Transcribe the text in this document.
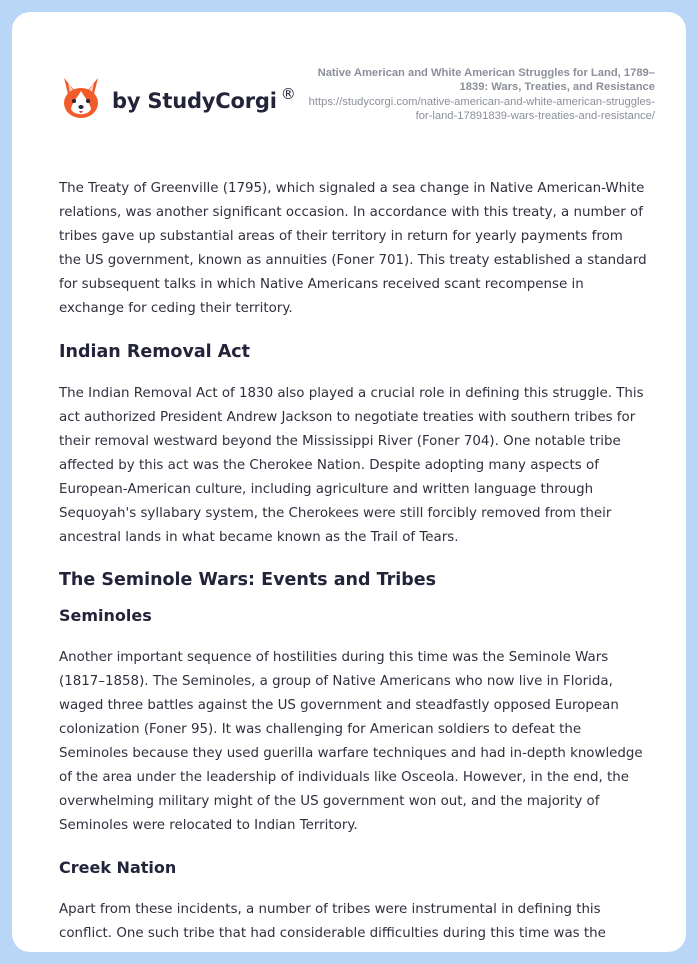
by StudyCorgi ®
Native American and White American Struggles for Land, 1789–1839: Wars, Treaties, and Resistance
https://studycorgi.com/native-american-and-white-american-struggles-for-land-17891839-wars-treaties-and-resistance/

The Treaty of Greenville (1795), which signaled a sea change in Native American-White relations, was another significant occasion. In accordance with this treaty, a number of tribes gave up substantial areas of their territory in return for yearly payments from the US government, known as annuities (Foner 701). This treaty established a standard for subsequent talks in which Native Americans received scant recompense in exchange for ceding their territory.

Indian Removal Act

The Indian Removal Act of 1830 also played a crucial role in defining this struggle. This act authorized President Andrew Jackson to negotiate treaties with southern tribes for their removal westward beyond the Mississippi River (Foner 704). One notable tribe affected by this act was the Cherokee Nation. Despite adopting many aspects of European-American culture, including agriculture and written language through Sequoyah's syllabary system, the Cherokees were still forcibly removed from their ancestral lands in what became known as the Trail of Tears.

The Seminole Wars: Events and Tribes
Seminoles

Another important sequence of hostilities during this time was the Seminole Wars (1817–1858). The Seminoles, a group of Native Americans who now live in Florida, waged three battles against the US government and steadfastly opposed European colonization (Foner 95). It was challenging for American soldiers to defeat the Seminoles because they used guerilla warfare techniques and had in-depth knowledge of the area under the leadership of individuals like Osceola. However, in the end, the overwhelming military might of the US government won out, and the majority of Seminoles were relocated to Indian Territory.

Creek Nation

Apart from these incidents, a number of tribes were instrumental in defining this conflict. One such tribe that had considerable difficulties during this time was the
